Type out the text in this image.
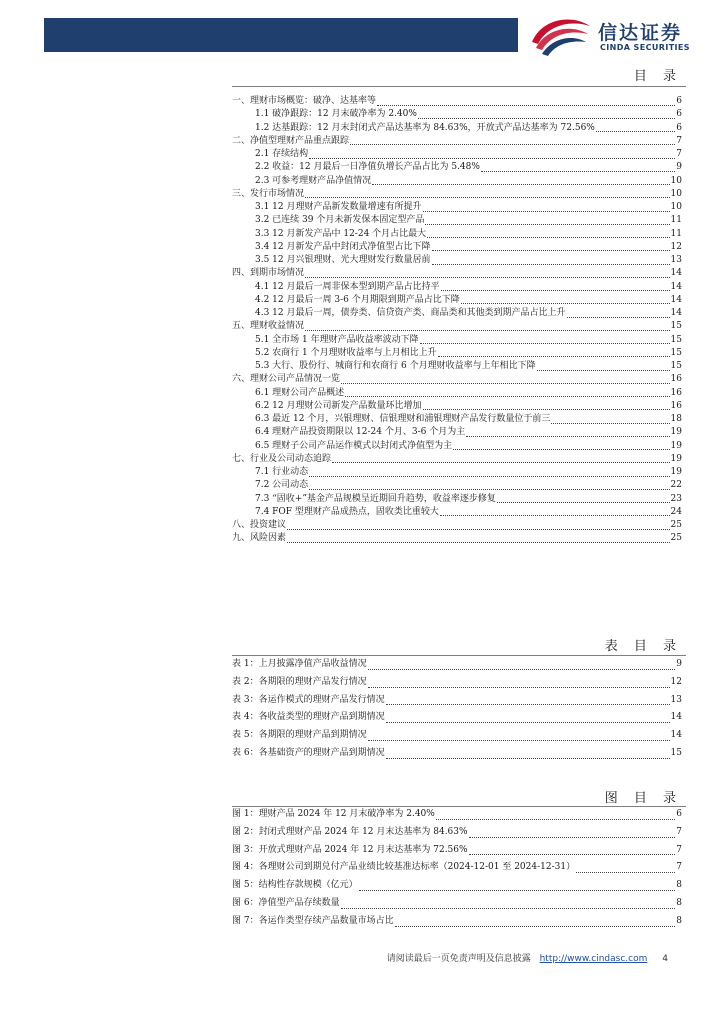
信达证券
CINDA SECURITIES
目 录
一、理财市场概览：破净、达基率等	6
1.1 破净跟踪：12 月末破净率为 2.40%	6
1.2 达基跟踪：12 月末封闭式产品达基率为 84.63%，开放式产品达基率为 72.56%	6
二、净值型理财产品重点跟踪	7
2.1 存续结构	7
2.2 收益：12 月最后一日净值负增长产品占比为 5.48%	9
2.3 可参考理财产品净值情况	10
三、发行市场情况	10
3.1 12 月理财产品新发数量增速有所提升	10
3.2 已连续 39 个月未新发保本固定型产品	11
3.3 12 月新发产品中 12-24 个月占比最大	11
3.4 12 月新发产品中封闭式净值型占比下降	12
3.5 12 月兴银理财、光大理财发行数量居前	13
四、到期市场情况	14
4.1 12 月最后一周非保本型到期产品占比持平	14
4.2 12 月最后一周 3-6 个月期限到期产品占比下降	14
4.3 12 月最后一周，债券类、信贷资产类、商品类和其他类到期产品占比上升	14
五、理财收益情况	15
5.1 全市场 1 年理财产品收益率波动下降	15
5.2 农商行 1 个月理财收益率与上月相比上升	15
5.3 大行、股份行、城商行和农商行 6 个月理财收益率与上年相比下降	15
六、理财公司产品情况一览	16
6.1 理财公司产品概述	16
6.2 12 月理财公司新发产品数量环比增加	16
6.3 最近 12 个月，兴银理财、信银理财和浦银理财产品发行数量位于前三	18
6.4 理财产品投资期限以 12-24 个月、3-6 个月为主	19
6.5 理财子公司产品运作模式以封闭式净值型为主	19
七、行业及公司动态追踪	19
7.1 行业动态	19
7.2 公司动态	22
7.3 “固收+”基金产品规模呈近期回升趋势，收益率逐步修复	23
7.4 FOF 型理财产品成热点，固收类比重较大	24
八、投资建议	25
九、风险因素	25
表 目 录
表 1：上月披露净值产品收益情况	9
表 2：各期限的理财产品发行情况	12
表 3：各运作模式的理财产品发行情况	13
表 4：各收益类型的理财产品到期情况	14
表 5：各期限的理财产品到期情况	14
表 6：各基础资产的理财产品到期情况	15
图 目 录
图 1：理财产品 2024 年 12 月末破净率为 2.40%	6
图 2：封闭式理财产品 2024 年 12 月末达基率为 84.63%	7
图 3：开放式理财产品 2024 年 12 月末达基率为 72.56%	7
图 4：各理财公司到期兑付产品业绩比较基准达标率（2024-12-01 至 2024-12-31）	7
图 5：结构性存款规模（亿元）	8
图 6：净值型产品存续数量	8
图 7：各运作类型存续产品数量市场占比	8
请阅读最后一页免责声明及信息披露 http://www.cindasc.com 4
